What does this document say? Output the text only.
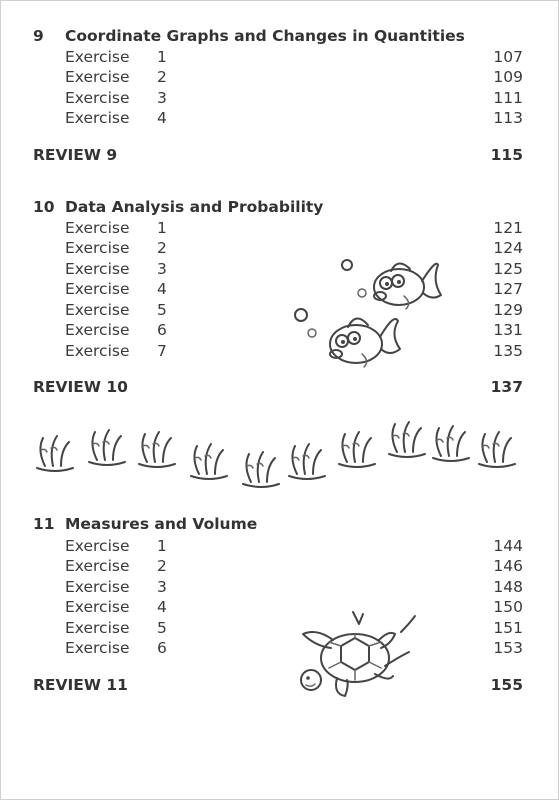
9 Coordinate Graphs and Changes in Quantities
Exercise 1	107
Exercise 2	109
Exercise 3	111
Exercise 4	113
REVIEW 9	115
10 Data Analysis and Probability
Exercise 1	121
Exercise 2	124
Exercise 3	125
Exercise 4	127
Exercise 5	129
Exercise 6	131
Exercise 7	135
REVIEW 10	137
11 Measures and Volume
Exercise 1	144
Exercise 2	146
Exercise 3	148
Exercise 4	150
Exercise 5	151
Exercise 6	153
REVIEW 11	155
